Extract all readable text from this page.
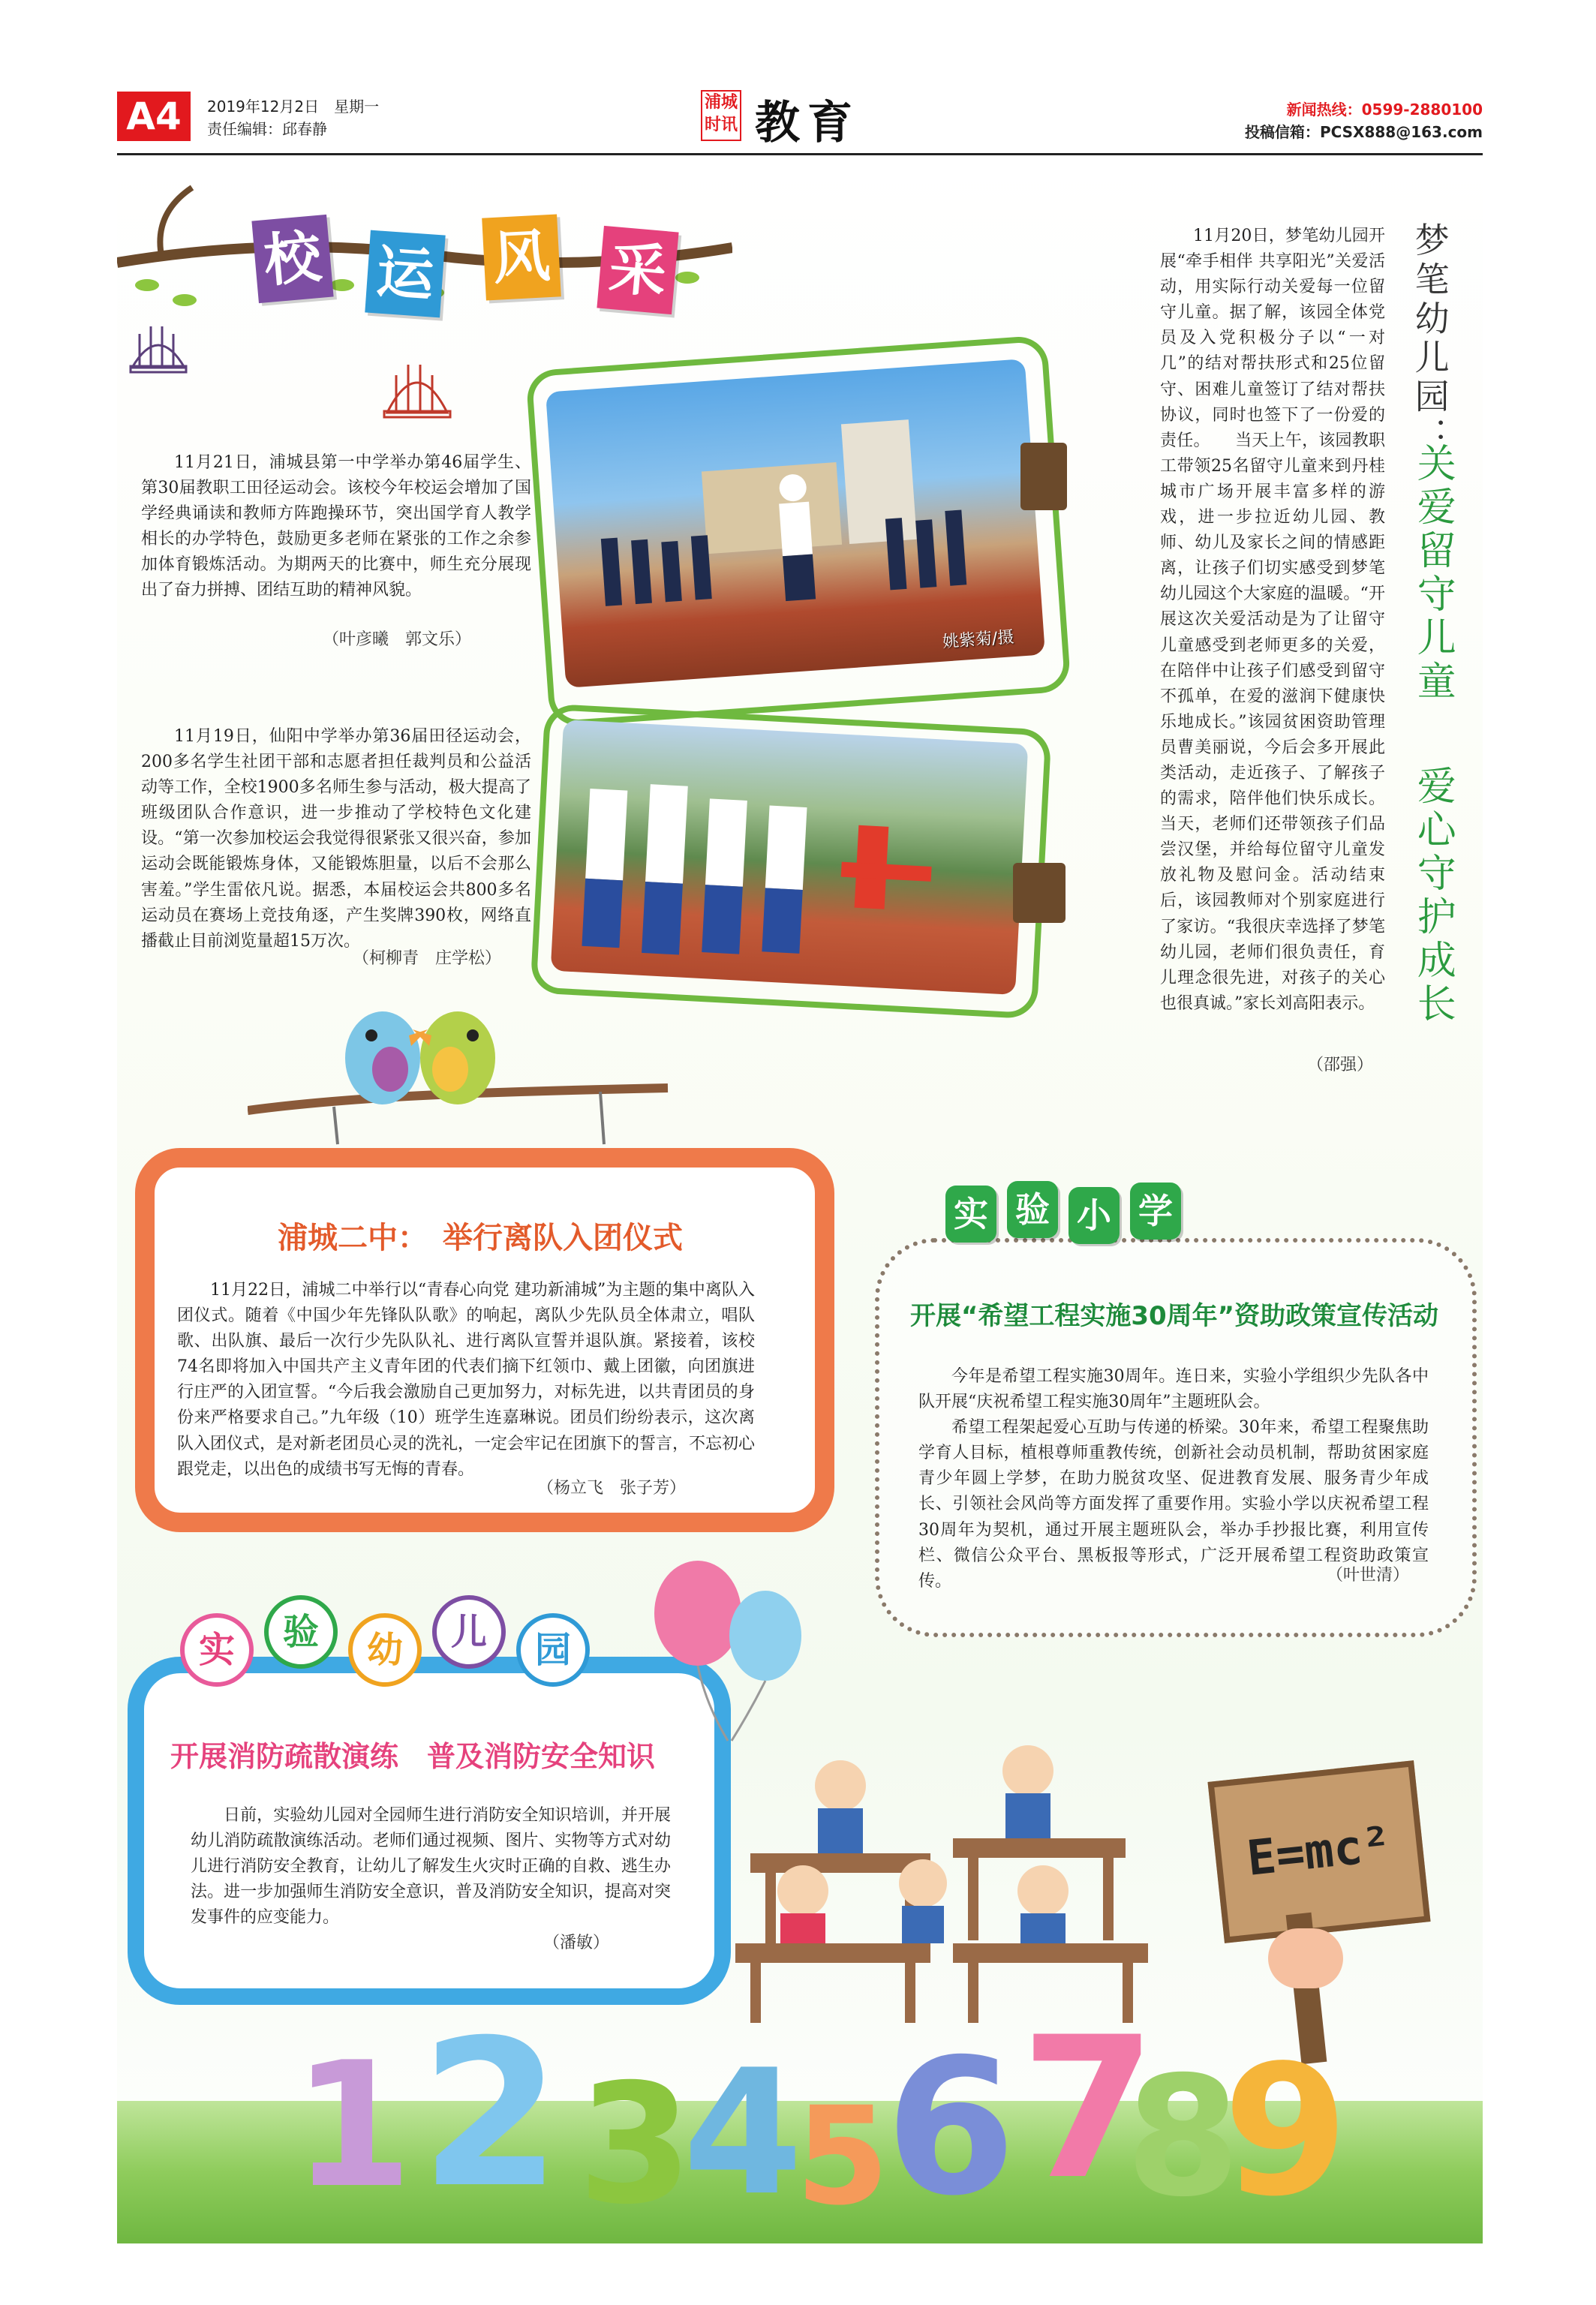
A4	2019年12月2日　星期一
责任编辑：邱春静
浦城
时讯 教育	新闻热线：0599-2880100
投稿信箱：PCSX888@163.com
校 运 风 采

11月21日，浦城县第一中学举办第46届学生、第30届教职工田径运动会。该校今年校运会增加了国学经典诵读和教师方阵跑操环节，突出国学育人教学相长的办学特色，鼓励更多老师在紧张的工作之余参加体育锻炼活动。为期两天的比赛中，师生充分展现出了奋力拼搏、团结互助的精神风貌。

（叶彦曦　郭文乐）

11月19日，仙阳中学举办第36届田径运动会，200多名学生社团干部和志愿者担任裁判员和公益活动等工作，全校1900多名师生参与活动，极大提高了班级团队合作意识，进一步推动了学校特色文化建设。“第一次参加校运会我觉得很紧张又很兴奋，参加运动会既能锻炼身体，又能锻炼胆量，以后不会那么害羞。”学生雷依凡说。据悉，本届校运会共800多名运动员在赛场上竞技角逐，产生奖牌390枚，网络直播截止目前浏览量超15万次。

（柯柳青　庄学松）
姚紫菊/摄

11月20日，梦笔幼儿园开展“牵手相伴 共享阳光”关爱活动，用实际行动关爱每一位留守儿童。据了解，该园全体党员及入党积极分子以“一对几”的结对帮扶形式和25位留守、困难儿童签订了结对帮扶协议，同时也签下了一份爱的责任。　　当天上午，该园教职工带领25名留守儿童来到丹桂城市广场开展丰富多样的游戏，进一步拉近幼儿园、教师、幼儿及家长之间的情感距离，让孩子们切实感受到梦笔幼儿园这个大家庭的温暖。“开展这次关爱活动是为了让留守儿童感受到老师更多的关爱，在陪伴中让孩子们感受到留守不孤单，在爱的滋润下健康快乐地成长。”该园贫困资助管理员曹美丽说，今后会多开展此类活动，走近孩子、了解孩子的需求，陪伴他们快乐成长。当天，老师们还带领孩子们品尝汉堡，并给每位留守儿童发放礼物及慰问金。活动结束后，该园教师对个别家庭进行了家访。“我很庆幸选择了梦笔幼儿园，老师们很负责任，育儿理念很先进，对孩子的关心也很真诚。”家长刘高阳表示。

（邵强）
梦笔幼儿园：
关爱留守儿童
爱心守护成长
浦城二中：　举行离队入团仪式

11月22日，浦城二中举行以“青春心向党 建功新浦城”为主题的集中离队入团仪式。随着《中国少年先锋队队歌》的响起，离队少先队员全体肃立，唱队歌、出队旗、最后一次行少先队队礼、进行离队宣誓并退队旗。紧接着，该校74名即将加入中国共产主义青年团的代表们摘下红领巾、戴上团徽，向团旗进行庄严的入团宣誓。“今后我会激励自己更加努力，对标先进，以共青团员的身份来严格要求自己。”九年级（10）班学生连嘉琳说。团员们纷纷表示，这次离队入团仪式，是对新老团员心灵的洗礼，一定会牢记在团旗下的誓言，不忘初心跟党走，以出色的成绩书写无悔的青春。

（杨立飞　张子芳）
实 验 小 学
开展“希望工程实施30周年”资助政策宣传活动

今年是希望工程实施30周年。连日来，实验小学组织少先队各中队开展“庆祝希望工程实施30周年”主题班队会。

希望工程架起爱心互助与传递的桥梁。30年来，希望工程聚焦助学育人目标，植根尊师重教传统，创新社会动员机制，帮助贫困家庭青少年圆上学梦，在助力脱贫攻坚、促进教育发展、服务青少年成长、引领社会风尚等方面发挥了重要作用。实验小学以庆祝希望工程30周年为契机，通过开展主题班队会，举办手抄报比赛，利用宣传栏、微信公众平台、黑板报等形式，广泛开展希望工程资助政策宣传。	（叶世清）
实	验	幼	儿	园
开展消防疏散演练　普及消防安全知识

日前，实验幼儿园对全园师生进行消防安全知识培训，并开展幼儿消防疏散演练活动。老师们通过视频、图片、实物等方式对幼儿进行消防安全教育，让幼儿了解发生火灾时正确的自救、逃生办法。进一步加强师生消防安全意识，普及消防安全知识，提高对突发事件的应变能力。

（潘敏）
E=mc²
1 2 3
4
5
6 7
8
9
